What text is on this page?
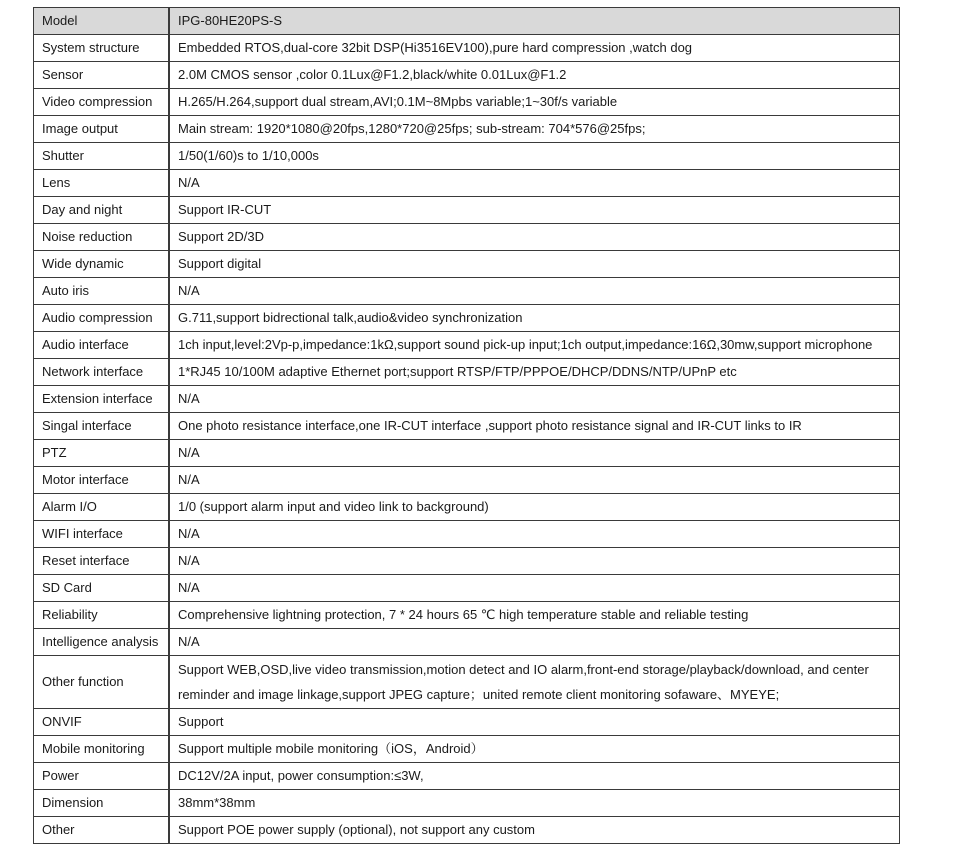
Model	IPG-80HE20PS-S
System structure	Embedded RTOS,dual-core 32bit DSP(Hi3516EV100),pure hard compression ,watch dog
Sensor	2.0M CMOS sensor ,color 0.1Lux@F1.2,black/white 0.01Lux@F1.2
Video compression	H.265/H.264,support dual stream,AVI;0.1M~8Mpbs variable;1~30f/s variable
Image output	Main stream: 1920*1080@20fps,1280*720@25fps; sub-stream: 704*576@25fps;
Shutter	1/50(1/60)s to 1/10,000s
Lens	N/A
Day and night	Support IR-CUT
Noise reduction	Support 2D/3D
Wide dynamic	Support digital
Auto iris	N/A
Audio compression	G.711,support bidrectional talk,audio&video synchronization
Audio interface	1ch input,level:2Vp-p,impedance:1kΩ,support sound pick-up input;1ch output,impedance:16Ω,30mw,support microphone
Network interface	1*RJ45 10/100M adaptive Ethernet port;support RTSP/FTP/PPPOE/DHCP/DDNS/NTP/UPnP etc
Extension interface	N/A
Singal interface	One photo resistance interface,one IR-CUT interface ,support photo resistance signal and IR-CUT links to IR
PTZ	N/A
Motor interface	N/A
Alarm I/O	1/0 (support alarm input and video link to background)
WIFI interface	N/A
Reset interface	N/A
SD Card	N/A
Reliability	Comprehensive lightning protection, 7 * 24 hours 65 ℃ high temperature stable and reliable testing
Intelligence analysis	N/A
Other function	Support WEB,OSD,live video transmission,motion detect and IO alarm,front-end storage/playback/download, and center reminder and image linkage,support JPEG capture；united remote client monitoring sofaware、MYEYE;
ONVIF	Support
Mobile monitoring	Support multiple mobile monitoring（iOS，Android）
Power	DC12V/2A input, power consumption:≤3W,
Dimension	38mm*38mm
Other	Support POE power supply (optional), not support any custom
